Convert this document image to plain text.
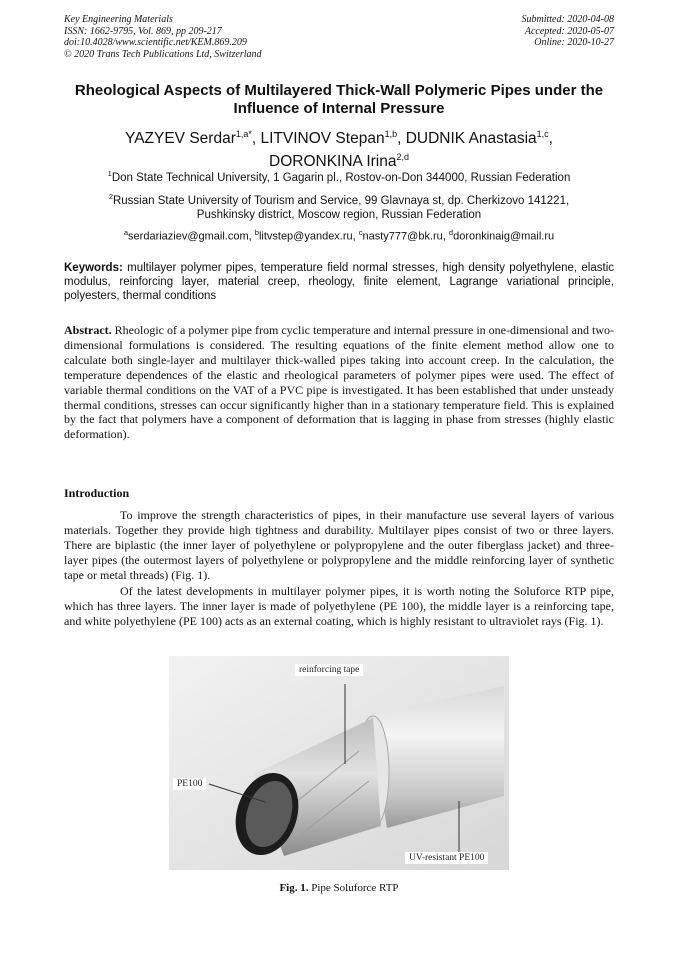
Key Engineering Materials
ISSN: 1662-9795, Vol. 869, pp 209-217
doi:10.4028/www.scientific.net/KEM.869.209
© 2020 Trans Tech Publications Ltd, Switzerland
Submitted: 2020-04-08
Accepted: 2020-05-07
Online: 2020-10-27
Rheological Aspects of Multilayered Thick-Wall Polymeric Pipes under the Influence of Internal Pressure
YAZYEV Serdar$^{1,a*}$, LITVINOV Stepan$^{1,b}$, DUDNIK Anastasia$^{1,c}$,
DORONKINA Irina$^{2,d}$
$^1$Don State Technical University, 1 Gagarin pl., Rostov-on-Don 344000, Russian Federation
$^2$Russian State University of Tourism and Service, 99 Glavnaya st, dp. Cherkizovo 141221, Pushkinsky district, Moscow region, Russian Federation
$^a$serdariaziev@gmail.com, $^b$litvstep@yandex.ru, $^c$nasty777@bk.ru, $^d$doronkinaig@mail.ru
Keywords: multilayer polymer pipes, temperature field normal stresses, high density polyethylene, elastic modulus, reinforcing layer, material creep, rheology, finite element, Lagrange variational principle, polyesters, thermal conditions
Abstract. Rheologic of a polymer pipe from cyclic temperature and internal pressure in one-dimensional and two-dimensional formulations is considered. The resulting equations of the finite element method allow one to calculate both single-layer and multilayer thick-walled pipes taking into account creep. In the calculation, the temperature dependences of the elastic and rheological parameters of polymer pipes were used. The effect of variable thermal conditions on the VAT of a PVC pipe is investigated. It has been established that under unsteady thermal conditions, stresses can occur significantly higher than in a stationary temperature field. This is explained by the fact that polymers have a component of deformation that is lagging in phase from stresses (highly elastic deformation).
Introduction
To improve the strength characteristics of pipes, in their manufacture use several layers of various materials. Together they provide high tightness and durability. Multilayer pipes consist of two or three layers. There are biplastic (the inner layer of polyethylene or polypropylene and the outer fiberglass jacket) and three-layer pipes (the outermost layers of polyethylene or polypropylene and the middle reinforcing layer of synthetic tape or metal threads) (Fig. 1).
Of the latest developments in multilayer polymer pipes, it is worth noting the Soluforce RTP pipe, which has three layers. The inner layer is made of polyethylene (PE 100), the middle layer is a reinforcing tape, and white polyethylene (PE 100) acts as an external coating, which is highly resistant to ultraviolet rays (Fig. 1).
reinforcing tape
PE100
UV-resistant PE100
Fig. 1. Pipe Soluforce RTP
